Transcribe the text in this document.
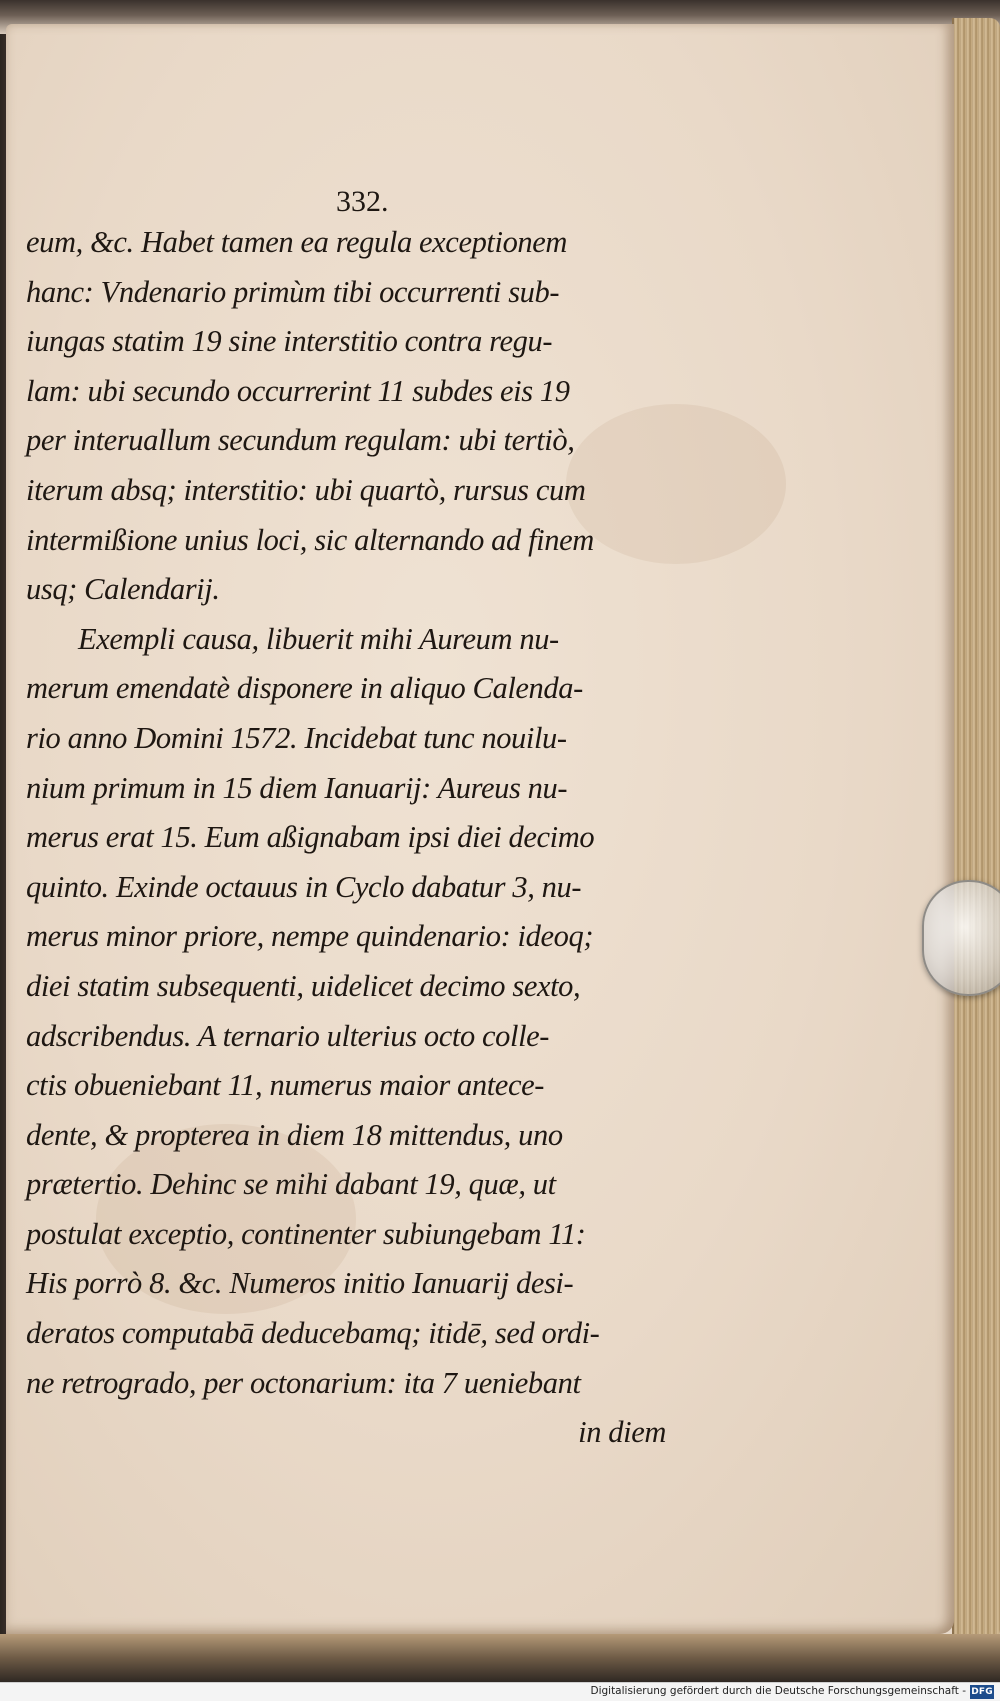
332.
eum, &c. Habet tamen ea regula exceptionem
hanc: Vndenario primùm tibi occurrenti sub-
iungas statim 19 sine interstitio contra regu-
lam: ubi secundo occurrerint 11 subdes eis 19
per interuallum secundum regulam: ubi tertiò,
iterum absq; interstitio: ubi quartò, rursus cum
intermißione unius loci, sic alternando ad finem
usq; Calendarij.
Exempli causa, libuerit mihi Aureum nu-
merum emendatè disponere in aliquo Calenda-
rio anno Domini 1572. Incidebat tunc nouilu-
nium primum in 15 diem Ianuarij: Aureus nu-
merus erat 15. Eum aßignabam ipsi diei decimo
quinto. Exinde octauus in Cyclo dabatur 3, nu-
merus minor priore, nempe quindenario: ideoq;
diei statim subsequenti, uidelicet decimo sexto,
adscribendus. A ternario ulterius octo colle-
ctis obueniebant 11, numerus maior antece-
dente, & propterea in diem 18 mittendus, uno
prætertio. Dehinc se mihi dabant 19, quæ, ut
postulat exceptio, continenter subiungebam 11:
His porrò 8. &c. Numeros initio Ianuarij desi-
deratos computabā deducebamq; itidē, sed ordi-
ne retrogrado, per octonarium: ita 7 ueniebant
in diem
Digitalisierung gefördert durch die Deutsche Forschungsgemeinschaft - DFG
